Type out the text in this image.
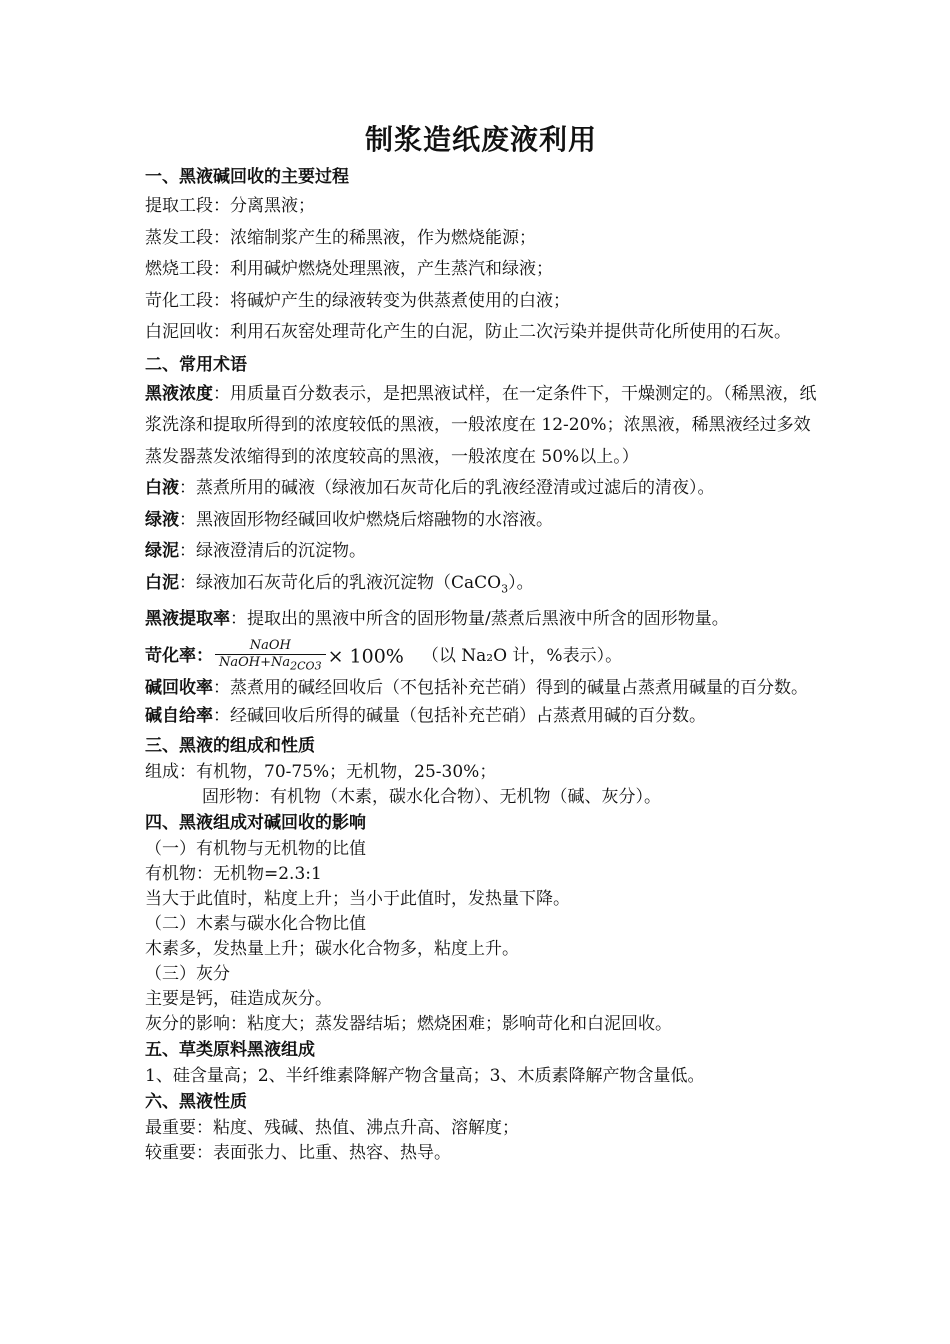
制浆造纸废液利用

一、黑液碱回收的主要过程

提取工段：分离黑液；

蒸发工段：浓缩制浆产生的稀黑液，作为燃烧能源；

燃烧工段：利用碱炉燃烧处理黑液，产生蒸汽和绿液；

苛化工段：将碱炉产生的绿液转变为供蒸煮使用的白液；

白泥回收：利用石灰窑处理苛化产生的白泥，防止二次污染并提供苛化所使用的石灰。

二、常用术语

黑液浓度：用质量百分数表示，是把黑液试样，在一定条件下，干燥测定的。（稀黑液，纸浆洗涤和提取所得到的浓度较低的黑液，一般浓度在 12-20%；浓黑液，稀黑液经过多效蒸发器蒸发浓缩得到的浓度较高的黑液，一般浓度在 50%以上。）

白液：蒸煮所用的碱液（绿液加石灰苛化后的乳液经澄清或过滤后的清夜）。

绿液：黑液固形物经碱回收炉燃烧后熔融物的水溶液。

绿泥：绿液澄清后的沉淀物。

白泥：绿液加石灰苛化后的乳液沉淀物（CaCO$_3$）。

黑液提取率：提取出的黑液中所含的固形物量/蒸煮后黑液中所含的固形物量。

苛化率： $\frac{\text{NaOH}}{NaOH+Na_{2CO3}} \times 100\%$ （以 Na₂O 计，%表示）。

碱回收率：蒸煮用的碱经回收后（不包括补充芒硝）得到的碱量占蒸煮用碱量的百分数。

碱自给率：经碱回收后所得的碱量（包括补充芒硝）占蒸煮用碱的百分数。

三、黑液的组成和性质

组成：有机物，70-75%；无机物，25-30%；

固形物：有机物（木素，碳水化合物）、无机物（碱、灰分）。

四、黑液组成对碱回收的影响

（一）有机物与无机物的比值

有机物：无机物=2.3:1

当大于此值时，粘度上升；当小于此值时，发热量下降。

（二）木素与碳水化合物比值

木素多，发热量上升；碳水化合物多，粘度上升。

（三）灰分

主要是钙，硅造成灰分。

灰分的影响：粘度大；蒸发器结垢；燃烧困难；影响苛化和白泥回收。

五、草类原料黑液组成

1、硅含量高；2、半纤维素降解产物含量高；3、木质素降解产物含量低。

六、黑液性质

最重要：粘度、残碱、热值、沸点升高、溶解度；

较重要：表面张力、比重、热容、热导。
